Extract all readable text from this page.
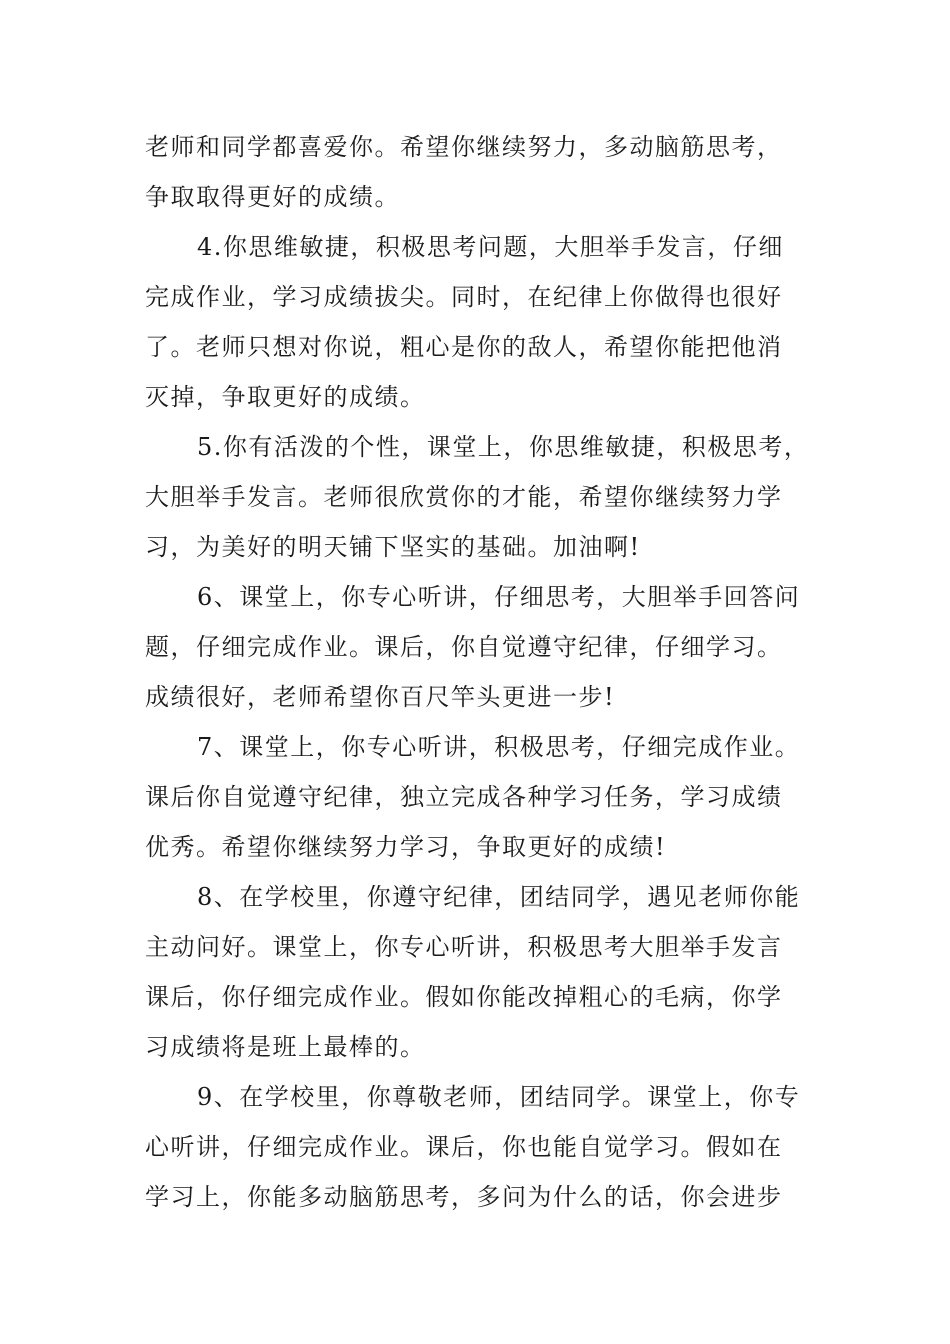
老师和同学都喜爱你。希望你继续努力，多动脑筋思考，
争取取得更好的成绩。
4.你思维敏捷，积极思考问题，大胆举手发言，仔细
完成作业，学习成绩拔尖。同时，在纪律上你做得也很好
了。老师只想对你说，粗心是你的敌人，希望你能把他消
灭掉，争取更好的成绩。
5.你有活泼的个性，课堂上，你思维敏捷，积极思考，
大胆举手发言。老师很欣赏你的才能，希望你继续努力学
习，为美好的明天铺下坚实的基础。加油啊!
6、课堂上，你专心听讲，仔细思考，大胆举手回答问
题，仔细完成作业。课后，你自觉遵守纪律，仔细学习。
成绩很好，老师希望你百尺竿头更进一步!
7、课堂上，你专心听讲，积极思考，仔细完成作业。
课后你自觉遵守纪律，独立完成各种学习任务，学习成绩
优秀。希望你继续努力学习，争取更好的成绩!
8、在学校里，你遵守纪律，团结同学，遇见老师你能
主动问好。课堂上，你专心听讲，积极思考大胆举手发言
课后，你仔细完成作业。假如你能改掉粗心的毛病，你学
习成绩将是班上最棒的。
9、在学校里，你尊敬老师，团结同学。课堂上，你专
心听讲，仔细完成作业。课后，你也能自觉学习。假如在
学习上，你能多动脑筋思考，多问为什么的话，你会进步
